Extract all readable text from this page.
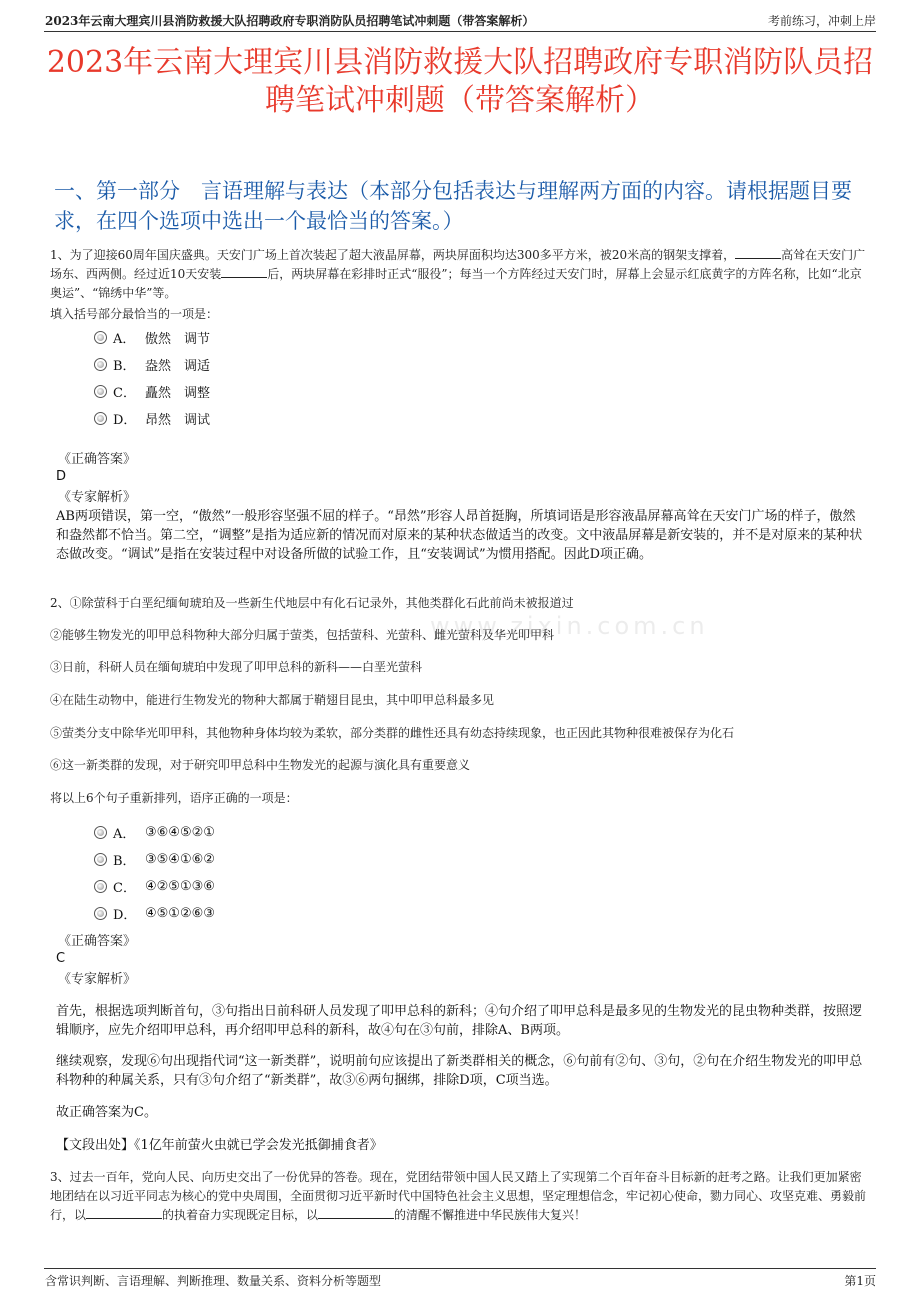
2023年云南大理宾川县消防救援大队招聘政府专职消防队员招聘笔试冲刺题（带答案解析）	考前练习，冲刺上岸
2023年云南大理宾川县消防救援大队招聘政府专职消防队员招聘笔试冲刺题（带答案解析）
一、第一部分　言语理解与表达（本部分包括表达与理解两方面的内容。请根据题目要求，在四个选项中选出一个最恰当的答案。）
1、为了迎接60周年国庆盛典。天安门广场上首次装起了超大液晶屏幕，两块屏面积均达300多平方米，被20米高的钢架支撑着，	高耸在天安门广场东、西两侧。经过近10天安装	后，两块屏幕在彩排时正式“服役”；每当一个方阵经过天安门时，屏幕上会显示红底黄字的方阵名称，比如“北京奥运”、“锦绣中华”等。
填入括号部分最恰当的一项是：
A． 傲然　调节
B． 盎然　调适
C． 矗然　调整
D． 昂然　调试
《正确答案》
D
《专家解析》
AB两项错误，第一空，“傲然”一般形容坚强不屈的样子。“昂然”形容人昂首挺胸，所填词语是形容液晶屏幕高耸在天安门广场的样子，傲然和盎然都不恰当。第二空，“调整”是指为适应新的情况而对原来的某种状态做适当的改变。文中液晶屏幕是新安装的，并不是对原来的某种状态做改变。“调试”是指在安装过程中对设备所做的试验工作，且“安装调试”为惯用搭配。因此D项正确。
2、①除萤科于白垩纪缅甸琥珀及一些新生代地层中有化石记录外，其他类群化石此前尚未被报道过
②能够生物发光的叩甲总科物种大部分归属于萤类，包括萤科、光萤科、雌光萤科及华光叩甲科
③日前，科研人员在缅甸琥珀中发现了叩甲总科的新科——白垩光萤科
④在陆生动物中，能进行生物发光的物种大都属于鞘翅目昆虫，其中叩甲总科最多见
⑤萤类分支中除华光叩甲科，其他物种身体均较为柔软，部分类群的雌性还具有幼态持续现象，也正因此其物种很难被保存为化石
⑥这一新类群的发现，对于研究叩甲总科中生物发光的起源与演化具有重要意义
将以上6个句子重新排列，语序正确的一项是：
www.zixin.com.cn
A． ③⑥④⑤②①
B． ③⑤④①⑥②
C． ④②⑤①③⑥
D． ④⑤①②⑥③
《正确答案》
C
《专家解析》
首先，根据选项判断首句，③句指出日前科研人员发现了叩甲总科的新科；④句介绍了叩甲总科是最多见的生物发光的昆虫物种类群，按照逻辑顺序，应先介绍叩甲总科，再介绍叩甲总科的新科，故④句在③句前，排除A、B两项。
继续观察，发现⑥句出现指代词“这一新类群”，说明前句应该提出了新类群相关的概念，⑥句前有②句、③句，②句在介绍生物发光的叩甲总科物种的种属关系，只有③句介绍了“新类群”，故③⑥两句捆绑，排除D项，C项当选。
故正确答案为C。
【文段出处】《1亿年前萤火虫就已学会发光抵御捕食者》
3、过去一百年，党向人民、向历史交出了一份优异的答卷。现在，党团结带领中国人民又踏上了实现第二个百年奋斗目标新的赶考之路。让我们更加紧密地团结在以习近平同志为核心的党中央周围，全面贯彻习近平新时代中国特色社会主义思想，坚定理想信念，牢记初心使命，勠力同心、攻坚克难、勇毅前行，以	的执着奋力实现既定目标，以	的清醒不懈推进中华民族伟大复兴！
含常识判断、言语理解、判断推理、数量关系、资料分析等题型	第1页
